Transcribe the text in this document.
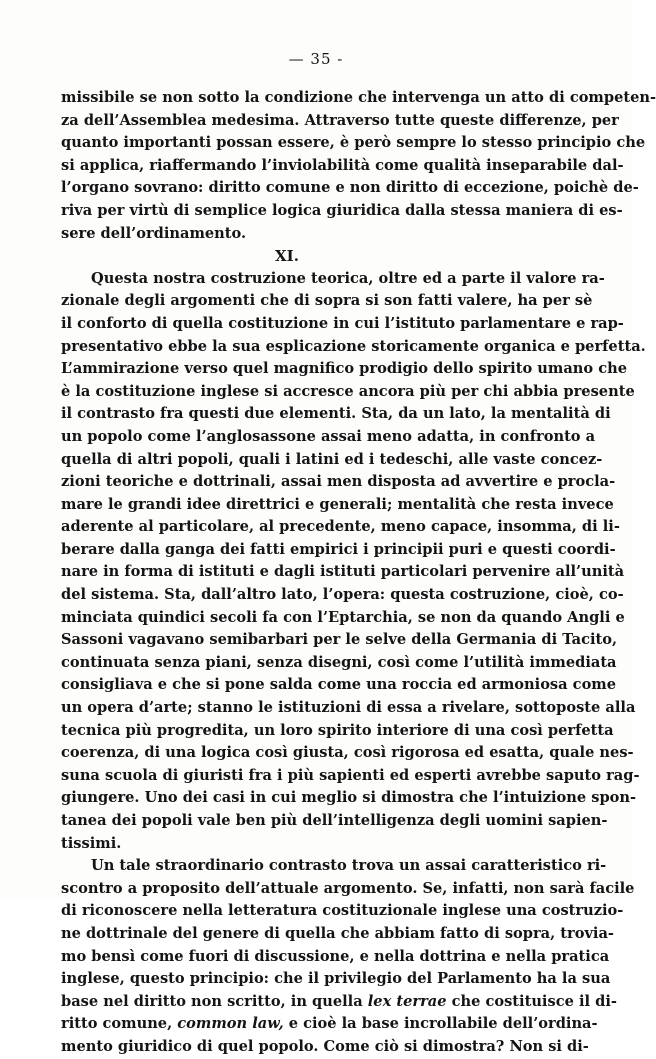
— 35 -
missibile se non sotto la condizione che intervenga un atto di competen-
za dell’Assemblea medesima. Attraverso tutte queste differenze, per
quanto importanti possan essere, è però sempre lo stesso principio che
si applica, riaffermando l’inviolabilità come qualità inseparabile dal-
l’organo sovrano: diritto comune e non diritto di eccezione, poichè de-
riva per virtù di semplice logica giuridica dalla stessa maniera di es-
sere dell’ordinamento.
XI.
Questa nostra costruzione teorica, oltre ed a parte il valore ra-
zionale degli argomenti che di sopra si son fatti valere, ha per sè
il conforto di quella costituzione in cui l’istituto parlamentare e rap-
presentativo ebbe la sua esplicazione storicamente organica e perfetta.
L’ammirazione verso quel magnifico prodigio dello spirito umano che
è la costituzione inglese si accresce ancora più per chi abbia presente
il contrasto fra questi due elementi. Sta, da un lato, la mentalità di
un popolo come l’anglosassone assai meno adatta, in confronto a
quella di altri popoli, quali i latini ed i tedeschi, alle vaste concez-
zioni teoriche e dottrinali, assai men disposta ad avvertire e procla-
mare le grandi idee direttrici e generali; mentalità che resta invece
aderente al particolare, al precedente, meno capace, insomma, di li-
berare dalla ganga dei fatti empirici i principii puri e questi coordi-
nare in forma di istituti e dagli istituti particolari pervenire all’unità
del sistema. Sta, dall’altro lato, l’opera: questa costruzione, cioè, co-
minciata quindici secoli fa con l’Eptarchia, se non da quando Angli e
Sassoni vagavano semibarbari per le selve della Germania di Tacito,
continuata senza piani, senza disegni, così come l’utilità immediata
consigliava e che si pone salda come una roccia ed armoniosa come
un opera d’arte; stanno le istituzioni di essa a rivelare, sottoposte alla
tecnica più progredita, un loro spirito interiore di una così perfetta
coerenza, di una logica così giusta, così rigorosa ed esatta, quale nes-
suna scuola di giuristi fra i più sapienti ed esperti avrebbe saputo rag-
giungere. Uno dei casi in cui meglio si dimostra che l’intuizione spon-
tanea dei popoli vale ben più dell’intelligenza degli uomini sapien-
tissimi.
Un tale straordinario contrasto trova un assai caratteristico ri-
scontro a proposito dell’attuale argomento. Se, infatti, non sarà facile
di riconoscere nella letteratura costituzionale inglese una costruzio-
ne dottrinale del genere di quella che abbiam fatto di sopra, trovia-
mo bensì come fuori di discussione, e nella dottrina e nella pratica
inglese, questo principio: che il privilegio del Parlamento ha la sua
base nel diritto non scritto, in quella lex terrae che costituisce il di-
ritto comune, common law, e cioè la base incrollabile dell’ordina-
mento giuridico di quel popolo. Come ciò si dimostra? Non si di-
